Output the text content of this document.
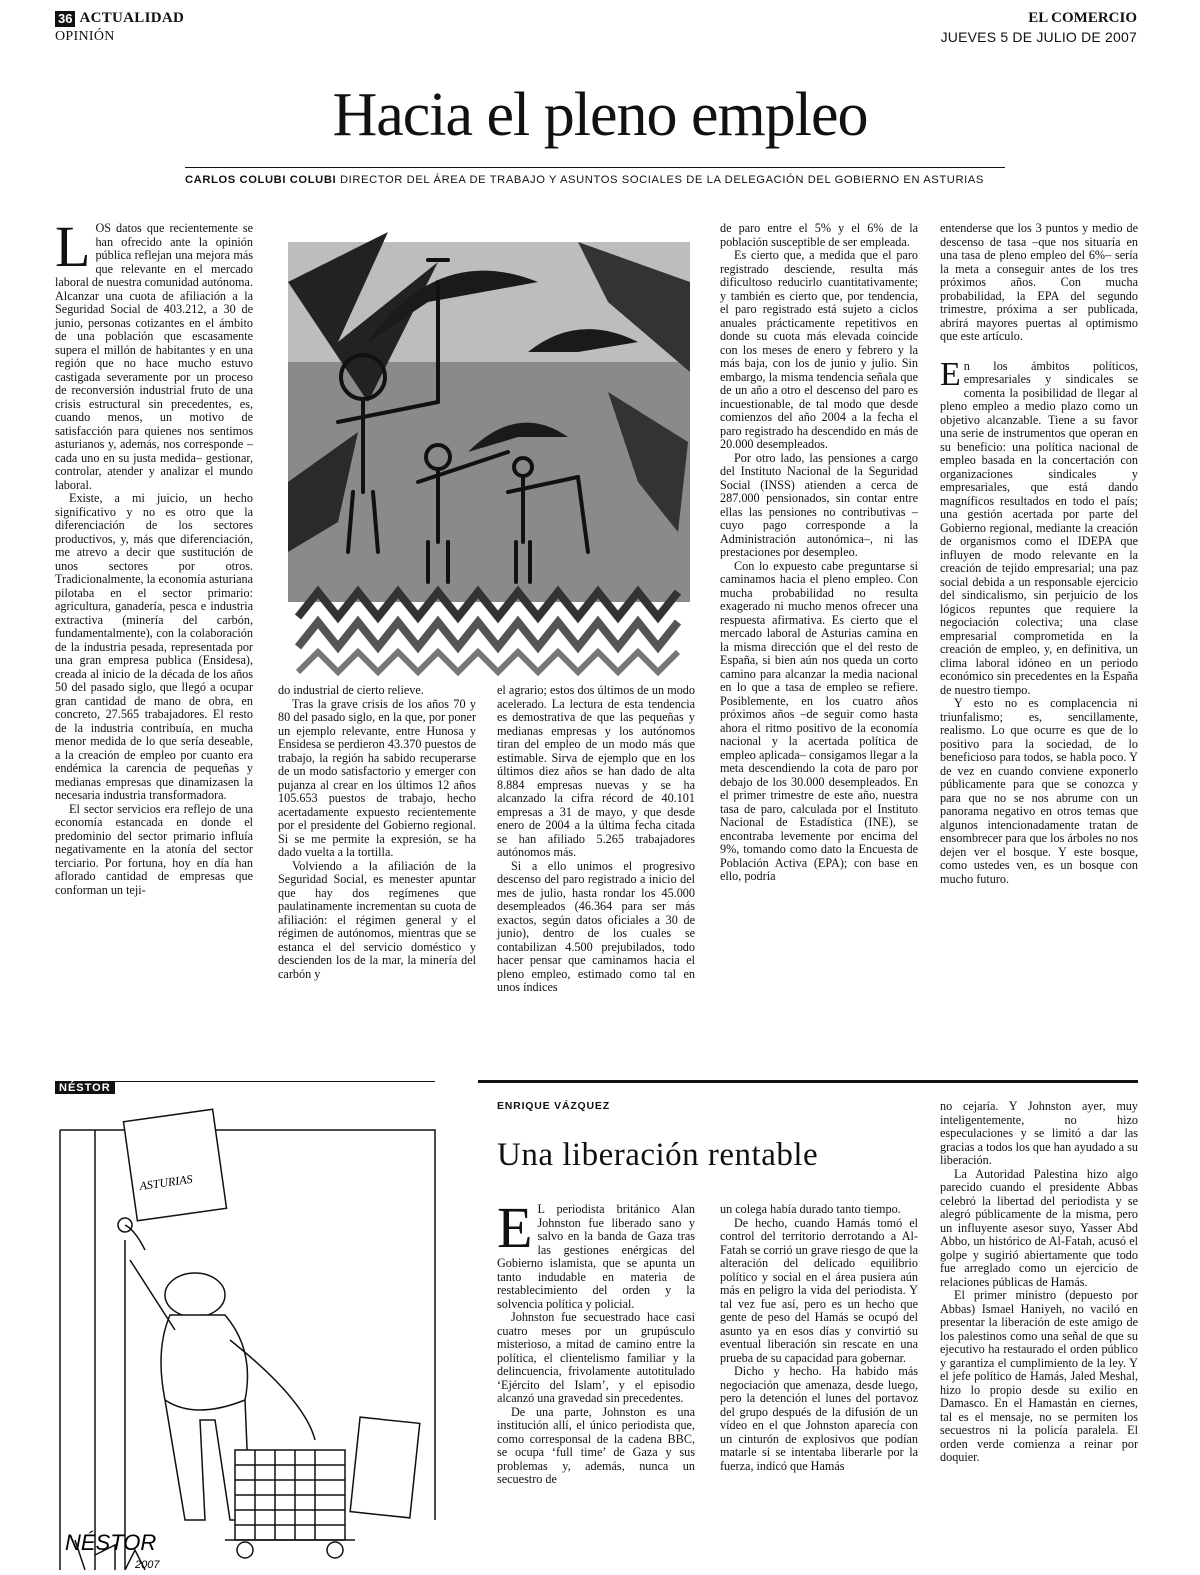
36 ACTUALIDAD
OPINIÓN
EL COMERCIO
JUEVES 5 DE JULIO DE 2007
Hacia el pleno empleo
CARLOS COLUBI COLUBI DIRECTOR DEL ÁREA DE TRABAJO Y ASUNTOS SOCIALES DE LA DELEGACIÓN DEL GOBIERNO EN ASTURIAS
L OS datos que recientemente se han ofrecido ante la opinión pública reflejan una mejora más que relevante en el mercado laboral de nuestra comunidad autónoma. Alcanzar una cuota de afiliación a la Seguridad Social de 403.212, a 30 de junio, personas cotizantes en el ámbito de una población que escasamente supera el millón de habitantes y en una región que no hace mucho estuvo castigada severamente por un proceso de reconversión industrial fruto de una crisis estructural sin precedentes, es, cuando menos, un motivo de satisfacción para quienes nos sentimos asturianos y, además, nos corresponde –cada uno en su justa medida– gestionar, controlar, atender y analizar el mundo laboral.

Existe, a mi juicio, un hecho significativo y no es otro que la diferenciación de los sectores productivos, y, más que diferenciación, me atrevo a decir que sustitución de unos sectores por otros. Tradicionalmente, la economía asturiana pilotaba en el sector primario: agricultura, ganadería, pesca e industria extractiva (minería del carbón, fundamentalmente), con la colaboración de la industria pesada, representada por una gran empresa publica (Ensidesa), creada al inicio de la década de los años 50 del pasado siglo, que llegó a ocupar gran cantidad de mano de obra, en concreto, 27.565 trabajadores. El resto de la industria contribuía, en mucha menor medida de lo que sería deseable, a la creación de empleo por cuanto era endémica la carencia de pequeñas y medianas empresas que dinamizasen la necesaria industria transformadora.

El sector servicios era reflejo de una economía estancada en donde el predominio del sector primario influía negativamente en la atonía del sector terciario. Por fortuna, hoy en día han aflorado cantidad de empresas que conforman un teji-

do industrial de cierto relieve.

Tras la grave crisis de los años 70 y 80 del pasado siglo, en la que, por poner un ejemplo relevante, entre Hunosa y Ensidesa se perdieron 43.370 puestos de trabajo, la región ha sabido recuperarse de un modo satisfactorio y emerger con pujanza al crear en los últimos 12 años 105.653 puestos de trabajo, hecho acertadamente expuesto recientemente por el presidente del Gobierno regional. Si se me permite la expresión, se ha dado vuelta a la tortilla.

Volviendo a la afiliación de la Seguridad Social, es menester apuntar que hay dos regímenes que paulatinamente incrementan su cuota de afiliación: el régimen general y el régimen de autónomos, mientras que se estanca el del servicio doméstico y descienden los de la mar, la minería del carbón y

el agrario; estos dos últimos de un modo acelerado. La lectura de esta tendencia es demostrativa de que las pequeñas y medianas empresas y los autónomos tiran del empleo de un modo más que estimable. Sirva de ejemplo que en los últimos diez años se han dado de alta 8.884 empresas nuevas y se ha alcanzado la cifra récord de 40.101 empresas a 31 de mayo, y que desde enero de 2004 a la última fecha citada se han afiliado 5.265 trabajadores autónomos más.

Si a ello unimos el progresivo descenso del paro registrado a inicio del mes de julio, hasta rondar los 45.000 desempleados (46.364 para ser más exactos, según datos oficiales a 30 de junio), dentro de los cuales se contabilizan 4.500 prejubilados, todo hacer pensar que caminamos hacia el pleno empleo, estimado como tal en unos índices

de paro entre el 5% y el 6% de la población susceptible de ser empleada.

Es cierto que, a medida que el paro registrado desciende, resulta más dificultoso reducirlo cuantitativamente; y también es cierto que, por tendencia, el paro registrado está sujeto a ciclos anuales prácticamente repetitivos en donde su cuota más elevada coincide con los meses de enero y febrero y la más baja, con los de junio y julio. Sin embargo, la misma tendencia señala que de un año a otro el descenso del paro es incuestionable, de tal modo que desde comienzos del año 2004 a la fecha el paro registrado ha descendido en más de 20.000 desempleados.

Por otro lado, las pensiones a cargo del Instituto Nacional de la Seguridad Social (INSS) atienden a cerca de 287.000 pensionados, sin contar entre ellas las pensiones no contributivas –cuyo pago corresponde a la Administración autonómica–, ni las prestaciones por desempleo.

Con lo expuesto cabe preguntarse si caminamos hacia el pleno empleo. Con mucha probabilidad no resulta exagerado ni mucho menos ofrecer una respuesta afirmativa. Es cierto que el mercado laboral de Asturias camina en la misma dirección que el del resto de España, si bien aún nos queda un corto camino para alcanzar la media nacional en lo que a tasa de empleo se refiere. Posiblemente, en los cuatro años próximos años –de seguir como hasta ahora el ritmo positivo de la economía nacional y la acertada política de empleo aplicada– consigamos llegar a la meta descendiendo la cota de paro por debajo de los 30.000 desempleados. En el primer trimestre de este año, nuestra tasa de paro, calculada por el Instituto Nacional de Estadística (INE), se encontraba levemente por encima del 9%, tomando como dato la Encuesta de Población Activa (EPA); con base en ello, podría

entenderse que los 3 puntos y medio de descenso de tasa –que nos situaría en una tasa de pleno empleo del 6%– sería la meta a conseguir antes de los tres próximos años. Con mucha probabilidad, la EPA del segundo trimestre, próxima a ser publicada, abrirá mayores puertas al optimismo que este artículo.

E n los ámbitos políticos, empresariales y sindicales se comenta la posibilidad de llegar al pleno empleo a medio plazo como un objetivo alcanzable. Tiene a su favor una serie de instrumentos que operan en su beneficio: una política nacional de empleo basada en la concertación con organizaciones sindicales y empresariales, que está dando magníficos resultados en todo el país; una gestión acertada por parte del Gobierno regional, mediante la creación de organismos como el IDEPA que influyen de modo relevante en la creación de tejido empresarial; una paz social debida a un responsable ejercicio del sindicalismo, sin perjuicio de los lógicos repuntes que requiere la negociación colectiva; una clase empresarial comprometida en la creación de empleo, y, en definitiva, un clima laboral idóneo en un periodo económico sin precedentes en la España de nuestro tiempo.

Y esto no es complacencia ni triunfalismo; es, sencillamente, realismo. Lo que ocurre es que de lo positivo para la sociedad, de lo beneficioso para todos, se habla poco. Y de vez en cuando conviene exponerlo públicamente para que se conozca y para que no se nos abrume con un panorama negativo en otros temas que algunos intencionadamente tratan de ensombrecer para que los árboles no nos dejen ver el bosque. Y este bosque, como ustedes ven, es un bosque con mucho futuro.

NÉSTOR
ASTURIAS
NÉSTOR
2007
ENRIQUE VÁZQUEZ
Una liberación rentable
E L periodista británico Alan Johnston fue liberado sano y salvo en la banda de Gaza tras las gestiones enérgicas del Gobierno islamista, que se apunta un tanto indudable en materia de restablecimiento del orden y la solvencia política y policial.

Johnston fue secuestrado hace casi cuatro meses por un grupúsculo misterioso, a mitad de camino entre la política, el clientelismo familiar y la delincuencia, frivolamente autotitulado ‘Ejército del Islam’, y el episodio alcanzó una gravedad sin precedentes.

De una parte, Johnston es una institución allí, el único periodista que, como corresponsal de la cadena BBC, se ocupa ‘full time’ de Gaza y sus problemas y, además, nunca un secuestro de

un colega había durado tanto tiempo.

De hecho, cuando Hamás tomó el control del territorio derrotando a Al-Fatah se corrió un grave riesgo de que la alteración del delicado equilibrio político y social en el área pusiera aún más en peligro la vida del periodista. Y tal vez fue así, pero es un hecho que gente de peso del Hamás se ocupó del asunto ya en esos días y convirtió su eventual liberación sin rescate en una prueba de su capacidad para gobernar.

Dicho y hecho. Ha habido más negociación que amenaza, desde luego, pero la detención el lunes del portavoz del grupo después de la difusión de un vídeo en el que Johnston aparecía con un cinturón de explosivos que podían matarle si se intentaba liberarle por la fuerza, indicó que Hamás

no cejaría. Y Johnston ayer, muy inteligentemente, no hizo especulaciones y se limitó a dar las gracias a todos los que han ayudado a su liberación.

La Autoridad Palestina hizo algo parecido cuando el presidente Abbas celebró la libertad del periodista y se alegró públicamente de la misma, pero un influyente asesor suyo, Yasser Abd Abbo, un histórico de Al-Fatah, acusó el golpe y sugirió abiertamente que todo fue arreglado como un ejercicio de relaciones públicas de Hamás.

El primer ministro (depuesto por Abbas) Ismael Haniyeh, no vaciló en presentar la liberación de este amigo de los palestinos como una señal de que su ejecutivo ha restaurado el orden público y garantiza el cumplimiento de la ley. Y el jefe político de Hamás, Jaled Meshal, hizo lo propio desde su exilio en Damasco. En el Hamastán en ciernes, tal es el mensaje, no se permiten los secuestros ni la policía paralela. El orden verde comienza a reinar por doquier.
